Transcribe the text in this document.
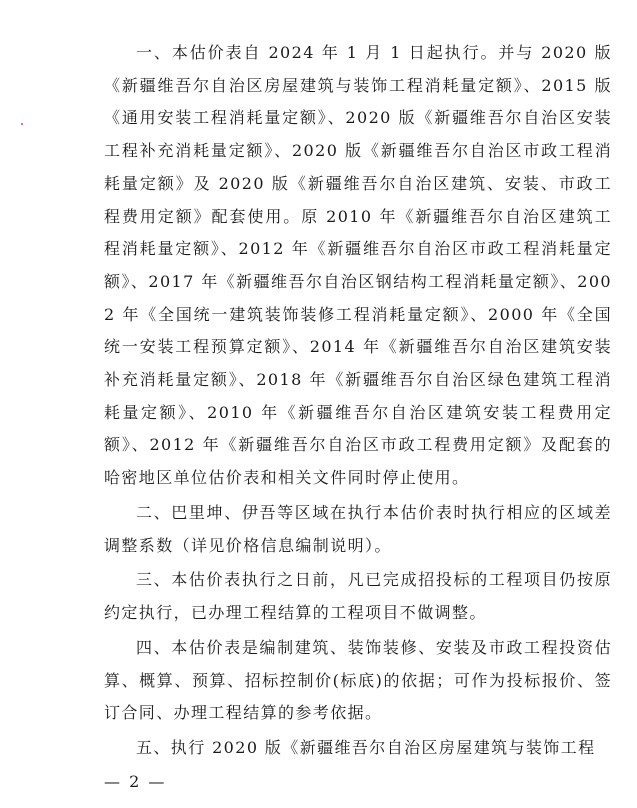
一、本估价表自 2024 年 1 月 1 日起执行。并与 2020 版《新疆维吾尔自治区房屋建筑与装饰工程消耗量定额》、2015 版《通用安装工程消耗量定额》、2020 版《新疆维吾尔自治区安装工程补充消耗量定额》、2020 版《新疆维吾尔自治区市政工程消耗量定额》及 2020 版《新疆维吾尔自治区建筑、安装、市政工程费用定额》配套使用。原 2010 年《新疆维吾尔自治区建筑工程消耗量定额》、2012 年《新疆维吾尔自治区市政工程消耗量定额》、2017 年《新疆维吾尔自治区钢结构工程消耗量定额》、2002 年《全国统一建筑装饰装修工程消耗量定额》、2000 年《全国统一安装工程预算定额》、2014 年《新疆维吾尔自治区建筑安装补充消耗量定额》、2018 年《新疆维吾尔自治区绿色建筑工程消耗量定额》、2010 年《新疆维吾尔自治区建筑安装工程费用定额》、2012 年《新疆维吾尔自治区市政工程费用定额》及配套的哈密地区单位估价表和相关文件同时停止使用。

二、巴里坤、伊吾等区域在执行本估价表时执行相应的区域差调整系数（详见价格信息编制说明）。

三、本估价表执行之日前，凡已完成招投标的工程项目仍按原约定执行，已办理工程结算的工程项目不做调整。

四、本估价表是编制建筑、装饰装修、安装及市政工程投资估算、概算、预算、招标控制价(标底)的依据；可作为投标报价、签订合同、办理工程结算的参考依据。

五、执行 2020 版《新疆维吾尔自治区房屋建筑与装饰工程

— 2 —
